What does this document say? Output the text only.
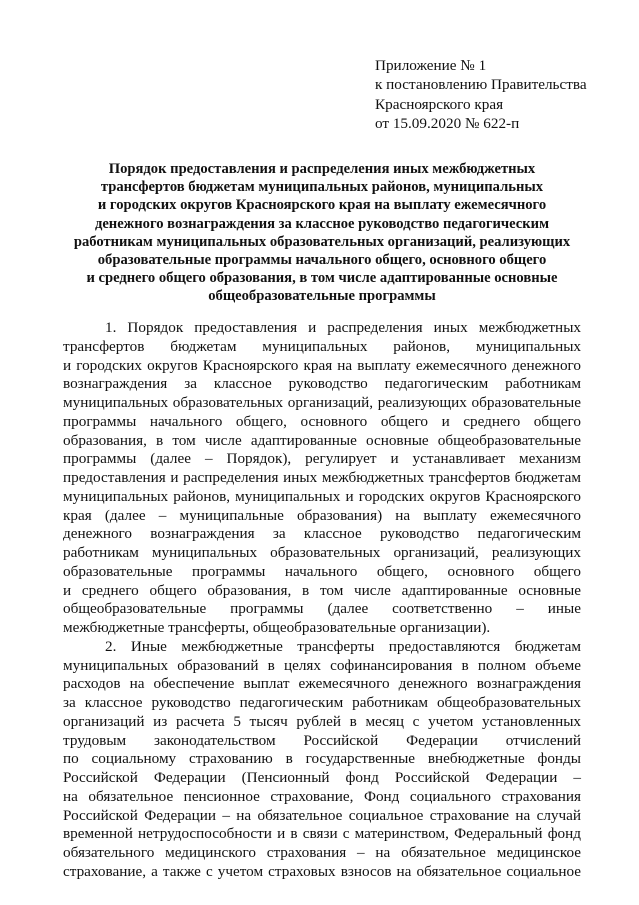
Приложение № 1
к постановлению Правительства
Красноярского края
от 15.09.2020 № 622-п
Порядок предоставления и распределения иных межбюджетных
трансфертов бюджетам муниципальных районов, муниципальных
и городских округов Красноярского края на выплату ежемесячного
денежного вознаграждения за классное руководство педагогическим
работникам муниципальных образовательных организаций, реализующих
образовательные программы начального общего, основного общего
и среднего общего образования, в том числе адаптированные основные
общеобразовательные программы
1. Порядок предоставления и распределения иных межбюджетных
трансфертов бюджетам муниципальных районов, муниципальных
и городских округов Красноярского края на выплату ежемесячного денежного
вознаграждения за классное руководство педагогическим работникам
муниципальных образовательных организаций, реализующих образовательные
программы начального общего, основного общего и среднего общего
образования, в том числе адаптированные основные общеобразовательные
программы (далее – Порядок), регулирует и устанавливает механизм
предоставления и распределения иных межбюджетных трансфертов бюджетам
муниципальных районов, муниципальных и городских округов Красноярского
края (далее – муниципальные образования) на выплату ежемесячного
денежного вознаграждения за классное руководство педагогическим
работникам муниципальных образовательных организаций, реализующих
образовательные программы начального общего, основного общего
и среднего общего образования, в том числе адаптированные основные
общеобразовательные программы (далее соответственно – иные
межбюджетные трансферты, общеобразовательные организации).
2. Иные межбюджетные трансферты предоставляются бюджетам
муниципальных образований в целях софинансирования в полном объеме
расходов на обеспечение выплат ежемесячного денежного вознаграждения
за классное руководство педагогическим работникам общеобразовательных
организаций из расчета 5 тысяч рублей в месяц с учетом установленных
трудовым законодательством Российской Федерации отчислений
по социальному страхованию в государственные внебюджетные фонды
Российской Федерации (Пенсионный фонд Российской Федерации –
на обязательное пенсионное страхование, Фонд социального страхования
Российской Федерации – на обязательное социальное страхование на случай
временной нетрудоспособности и в связи с материнством, Федеральный фонд
обязательного медицинского страхования – на обязательное медицинское
страхование, а также с учетом страховых взносов на обязательное социальное
